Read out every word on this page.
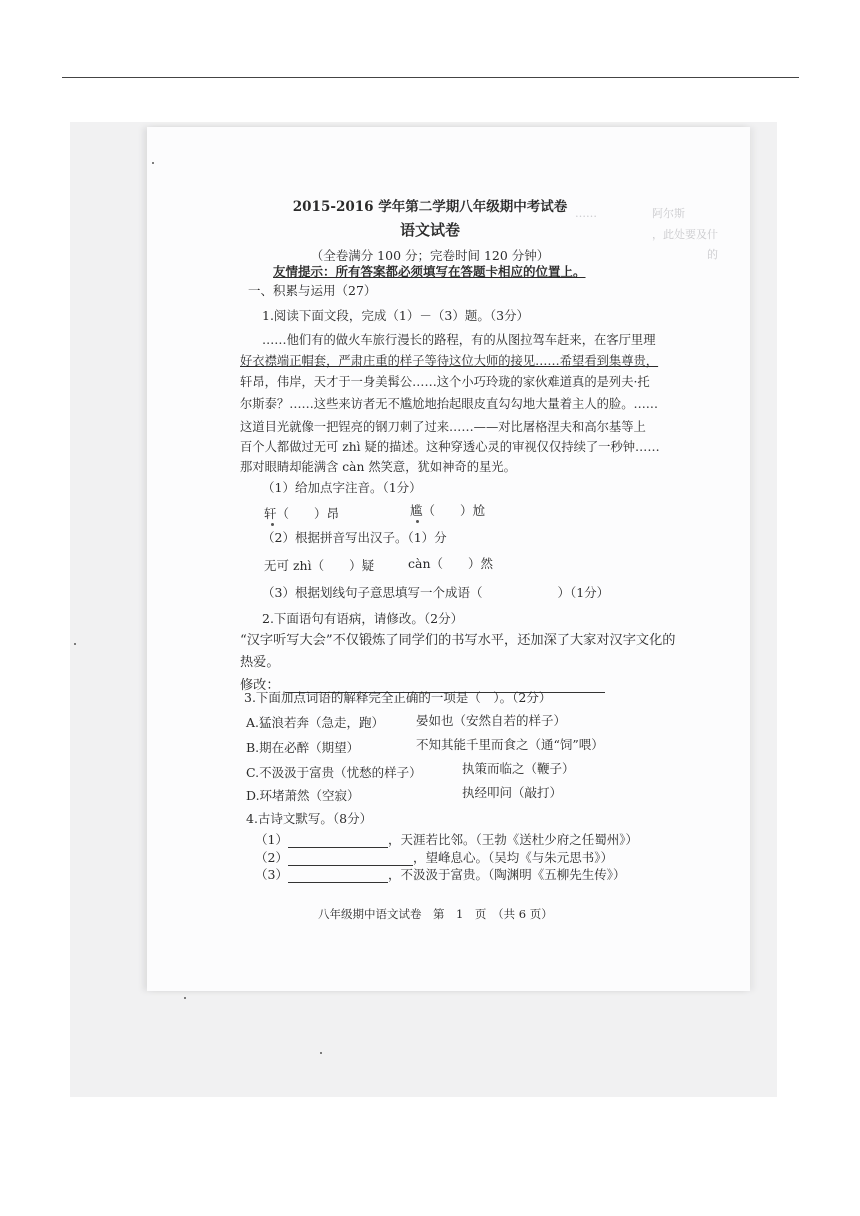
……　　　　　阿尔斯
　　　　　　　，此处要及什
　　　　　　　　　　　　的

2015-2016 学年第二学期八年级期中考试卷
语文试卷
（全卷满分 100 分；完卷时间 120 分钟）
友情提示：所有答案都必须填写在答题卡相应的位置上。
一、积累与运用（27）
1.阅读下面文段，完成（1）－（3）题。（3分）
……他们有的做火车旅行漫长的路程，有的从图拉驾车赶来，在客厅里理
好衣襟端正帽套，严肃庄重的样子等待这位大师的接见……希望看到集尊贵，
轩昂，伟岸，天才于一身美髯公……这个小巧玲珑的家伙难道真的是列夫·托
尔斯泰？……这些来访者无不尴尬地抬起眼皮直勾勾地大量着主人的脸。……
这道目光就像一把锃亮的钢刀刺了过来……——对比屠格涅夫和高尔基等上
百个人都做过无可 zhì 疑的描述。这种穿透心灵的审视仅仅持续了一秒钟……
那对眼睛却能满含 càn 然笑意，犹如神奇的星光。
（1）给加点字注音。（1分）
轩（　　）昂	尴（　　）尬
（2）根据拼音写出汉子。（1）分
无可 zhì（　　）疑	càn（　　）然
（3）根据划线句子意思填写一个成语（　　　　　　）（1分）
2.下面语句有语病，请修改。（2分）
“汉字听写大会”不仅锻炼了同学们的书写水平，还加深了大家对汉字文化的
热爱。
修改：
3.下面加点词语的解释完全正确的一项是（　）。（2分）
A.猛浪若奔（急走，跑）	晏如也（安然自若的样子）
B.期在必醉（期望）	不知其能千里而食之（通“饲”喂）
C.不汲汲于富贵（忧愁的样子）	执策而临之（鞭子）
D.环堵萧然（空寂）	执经叩问（敲打）
4.古诗文默写。（8分）
（1）	，天涯若比邻。（王勃《送杜少府之任蜀州》）
（2）	，望峰息心。（吴均《与朱元思书》）
（3）	，不汲汲于富贵。（陶渊明《五柳先生传》）
八年级期中语文试卷　第　1　页　（共 6 页）
